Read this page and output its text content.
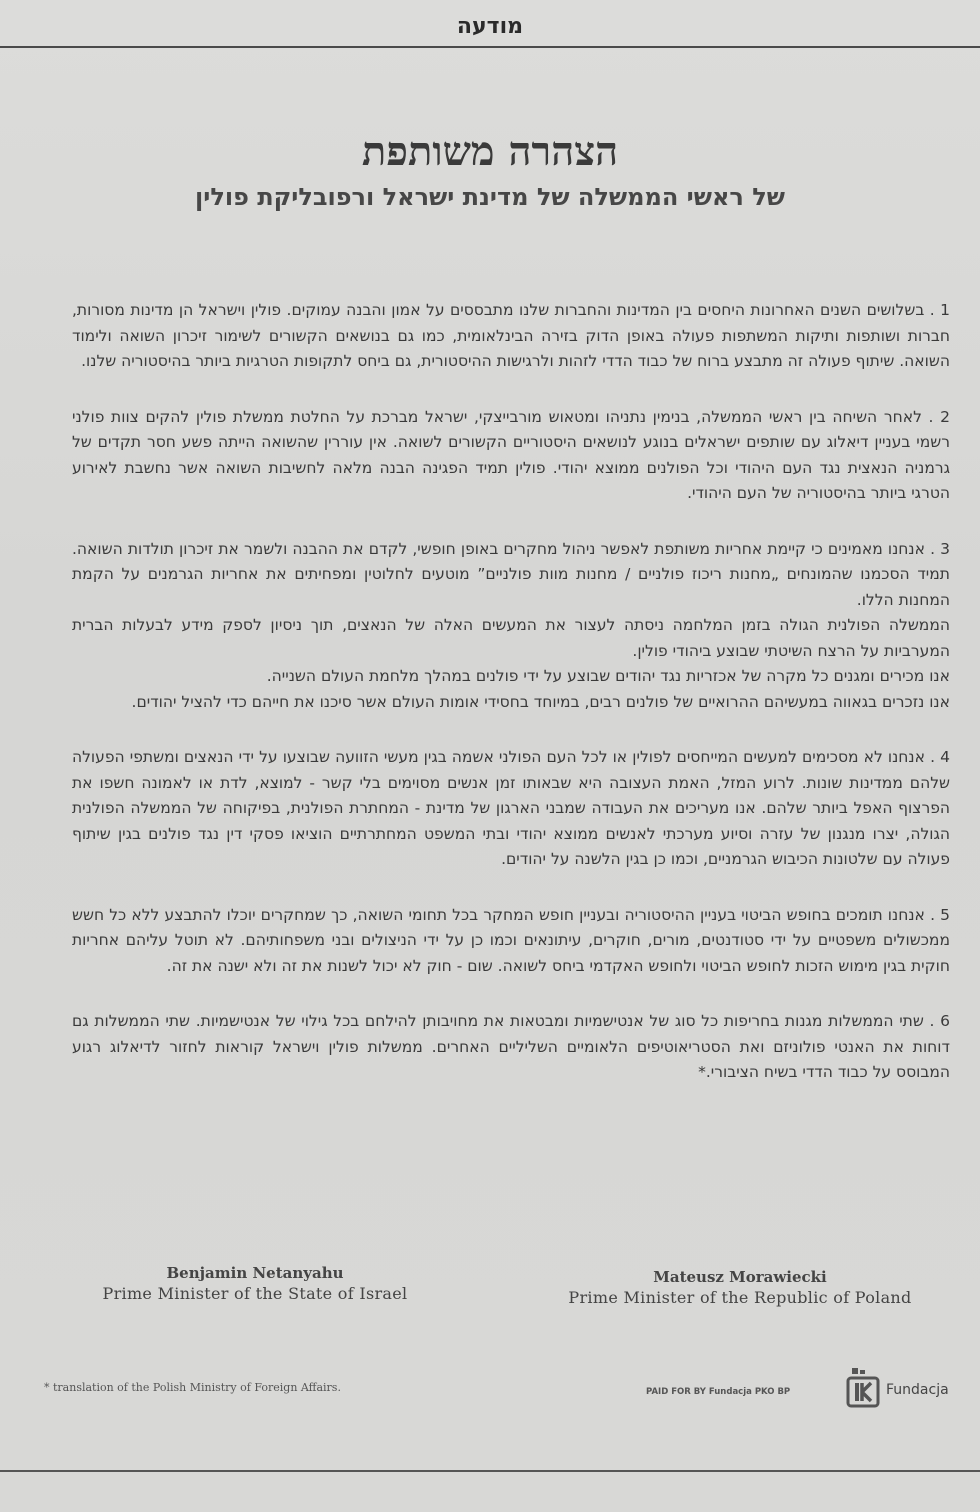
מודעה
הצהרה משותפת
של ראשי הממשלה של מדינת ישראל ורפובליקת פולין

1 . בשלושים השנים האחרונות היחסים בין המדינות והחברות שלנו מתבססים על אמון והבנה עמוקים. פולין וישראל הן מדינות מסורות, חברות ושותפות ותיקות המשתפות פעולה באופן הדוק בזירה הבינלאומית, כמו גם בנושאים הקשורים לשימור זיכרון השואה ולימוד השואה. שיתוף פעולה זה מתבצע ברוח של כבוד הדדי לזהות ולרגישות ההיסטורית, גם ביחס לתקופות הטרגיות ביותר בהיסטוריה שלנו.

2 . לאחר השיחה בין ראשי הממשלה, בנימין נתניהו ומטאוש מורבייצקי, ישראל מברכת על החלטת ממשלת פולין להקים צוות פולני רשמי בעניין דיאלוג עם שותפים ישראלים בנוגע לנושאים היסטוריים הקשורים לשואה. אין עוררין שהשואה הייתה פשע חסר תקדים של גרמניה הנאצית נגד העם היהודי וכל הפולנים ממוצא יהודי. פולין תמיד הפגינה הבנה מלאה לחשיבות השואה אשר נחשבת לאירוע הטרגי ביותר בהיסטוריה של העם היהודי.

3 . אנחנו מאמינים כי קיימת אחריות משותפת לאפשר ניהול מחקרים באופן חופשי, לקדם את ההבנה ולשמר את זיכרון תולדות השואה. תמיד הסכמנו שהמונחים „מחנות ריכוז פולניים / מחנות מוות פולניים” מוטעים לחלוטין ומפחיתים את אחריות הגרמנים על הקמת המחנות הללו.

הממשלה הפולנית הגולה בזמן המלחמה ניסתה לעצור את המעשים האלה של הנאצים, תוך ניסיון לספק מידע לבעלות הברית המערביות על הרצח השיטתי שבוצע ביהודי פולין.

אנו מכירים ומגנים כל מקרה של אכזריות נגד יהודים שבוצע על ידי פולנים במהלך מלחמת העולם השנייה.

אנו נזכרים בגאווה במעשיהם ההרואיים של פולנים רבים, במיוחד בחסידי אומות העולם אשר סיכנו את חייהם כדי להציל יהודים.

4 . אנחנו לא מסכימים למעשים המייחסים לפולין או לכל העם הפולני אשמה בגין מעשי הזוועה שבוצעו על ידי הנאצים ומשתפי הפעולה שלהם ממדינות שונות. לרוע המזל, האמת העצובה היא שבאותו זמן אנשים מסוימים בלי קשר - למוצא, לדת או לאמונה חשפו את הפרצוף האפל ביותר שלהם. אנו מעריכים את העבודה שמבני הארגון של מדינת - המחתרת הפולנית, בפיקוחה של הממשלה הפולנית הגולה, יצרו מנגנון של עזרה וסיוע מערכתי לאנשים ממוצא יהודי ובתי המשפט המחתרתיים הוציאו פסקי דין נגד פולנים בגין שיתוף פעולה עם שלטונות הכיבוש הגרמניים, וכמו כן בגין הלשנה על יהודים.

5 . אנחנו תומכים בחופש הביטוי בעניין ההיסטוריה ובעניין חופש המחקר בכל תחומי השואה, כך שמחקרים יוכלו להתבצע ללא כל חשש ממכשולים משפטיים על ידי סטודנטים, מורים, חוקרים, עיתונאים וכמו כן על ידי הניצולים ובני משפחותיהם. לא תוטל עליהם אחריות חוקית בגין מימוש הזכות לחופש הביטוי ולחופש האקדמי ביחס לשואה. שום - חוק לא יכול לשנות את זה ולא ישנה את זה.

6 . שתי הממשלות מגנות בחריפות כל סוג של אנטישמיות ומבטאות את מחויבותן להילחם בכל גילוי של אנטישמיות. שתי הממשלות גם דוחות את האנטי פולוניזם ואת הסטריאוטיפים הלאומיים השליליים האחרים. ממשלות פולין וישראל קוראות לחזור לדיאלוג רגוע המבוסס על כבוד הדדי בשיח הציבורי.*

Benjamin Netanyahu
Prime Minister of the State of Israel
Mateusz Morawiecki
Prime Minister of the Republic of Poland
* translation of the Polish Ministry of Foreign Affairs.	PAID FOR BY Fundacja PKO BP	Fundacja
